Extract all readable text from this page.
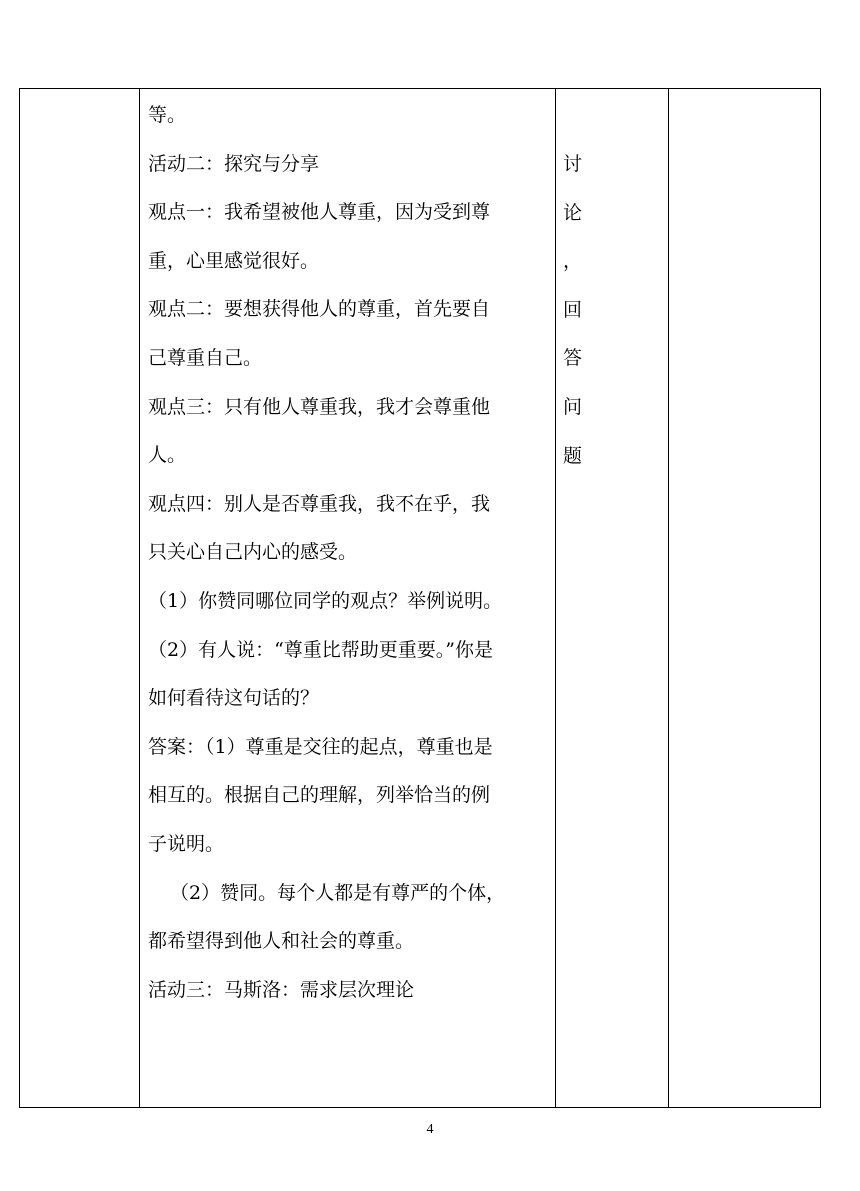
等。
活动二：探究与分享
观点一：我希望被他人尊重，因为受到尊
重，心里感觉很好。
观点二：要想获得他人的尊重，首先要自
己尊重自己。
观点三：只有他人尊重我，我才会尊重他
人。
观点四：别人是否尊重我，我不在乎，我
只关心自己内心的感受。
（1）你赞同哪位同学的观点？举例说明。
（2）有人说：“尊重比帮助更重要。”你是
如何看待这句话的？
答案：（1）尊重是交往的起点，尊重也是
相互的。根据自己的理解，列举恰当的例
子说明。
（2）赞同。每个人都是有尊严的个体，
都希望得到他人和社会的尊重。
活动三：马斯洛：需求层次理论
讨
论
，
回
答
问
题
4
